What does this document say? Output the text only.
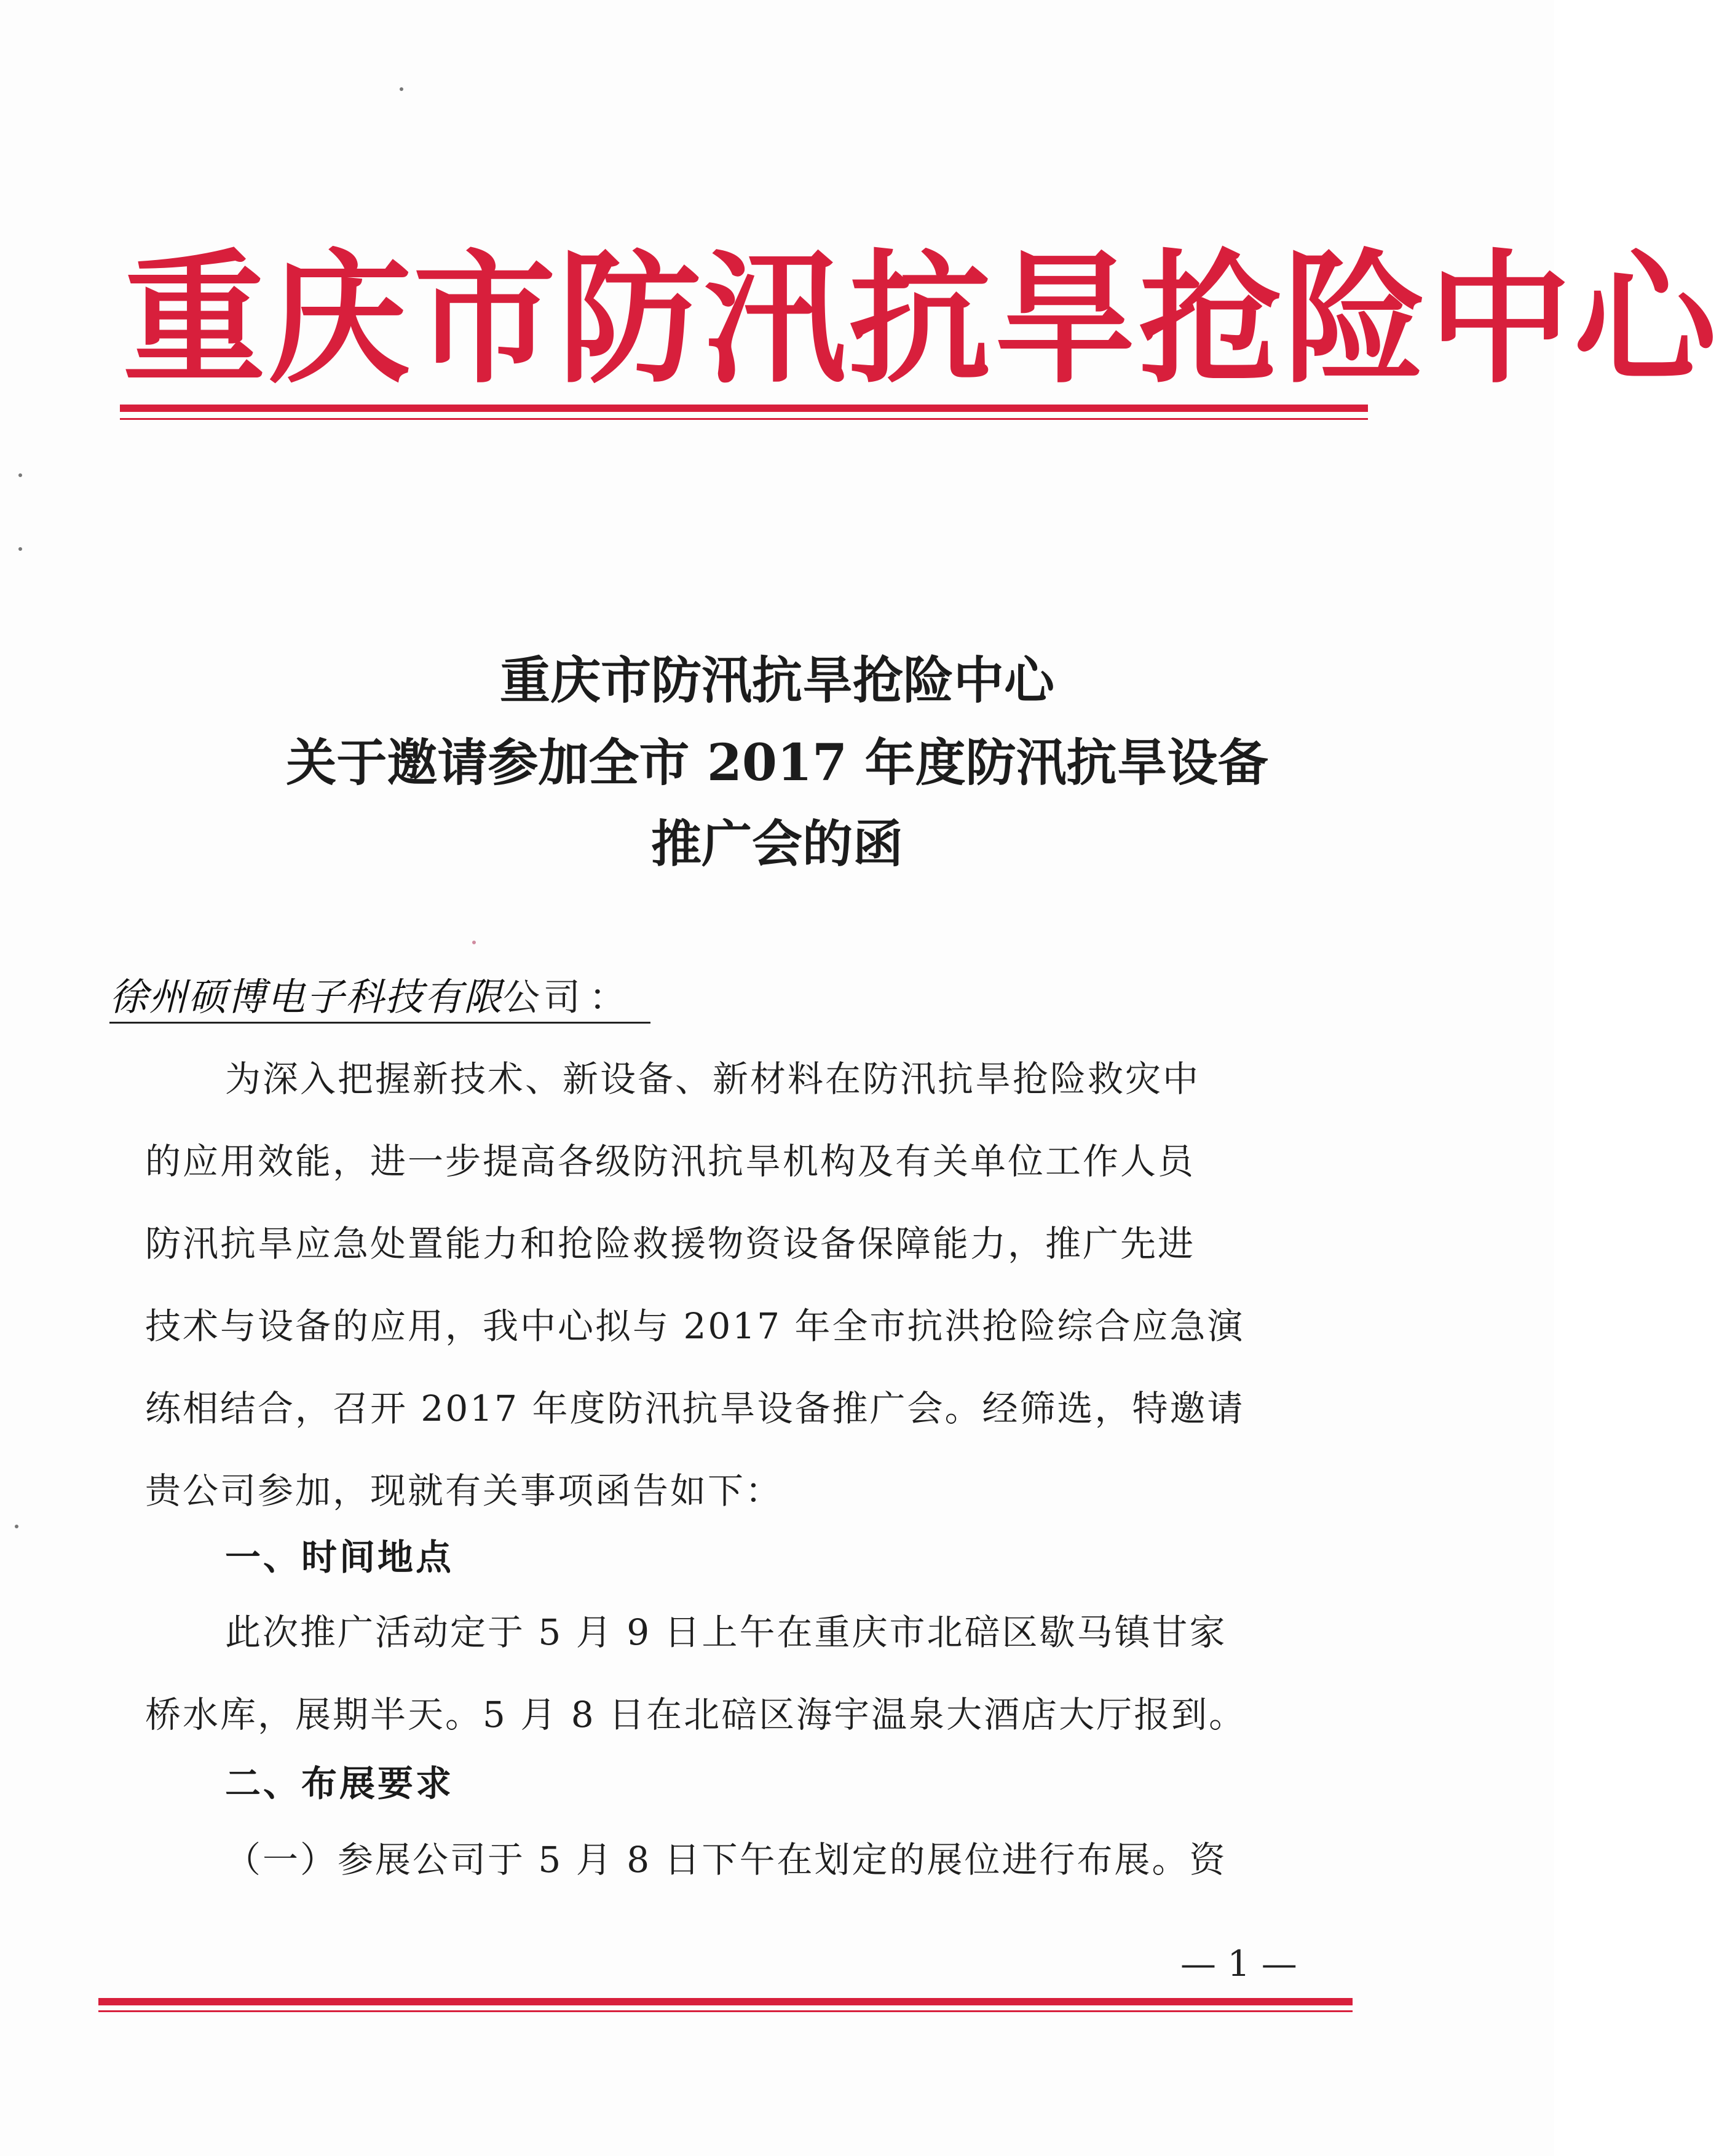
重庆市防汛抗旱抢险中心
重庆市防汛抗旱抢险中心
关于邀请参加全市 2017 年度防汛抗旱设备
推广会的函
徐州硕博电子科技有限公司 ：
为深入把握新技术、新设备、新材料在防汛抗旱抢险救灾中
的应用效能，进一步提高各级防汛抗旱机构及有关单位工作人员
防汛抗旱应急处置能力和抢险救援物资设备保障能力，推广先进
技术与设备的应用，我中心拟与 2017 年全市抗洪抢险综合应急演
练相结合，召开 2017 年度防汛抗旱设备推广会。经筛选，特邀请
贵公司参加，现就有关事项函告如下：
一、时间地点
此次推广活动定于 5 月 9 日上午在重庆市北碚区歇马镇甘家
桥水库，展期半天。5 月 8 日在北碚区海宇温泉大酒店大厅报到。
二、布展要求
（一）参展公司于 5 月 8 日下午在划定的展位进行布展。资
— 1 —
